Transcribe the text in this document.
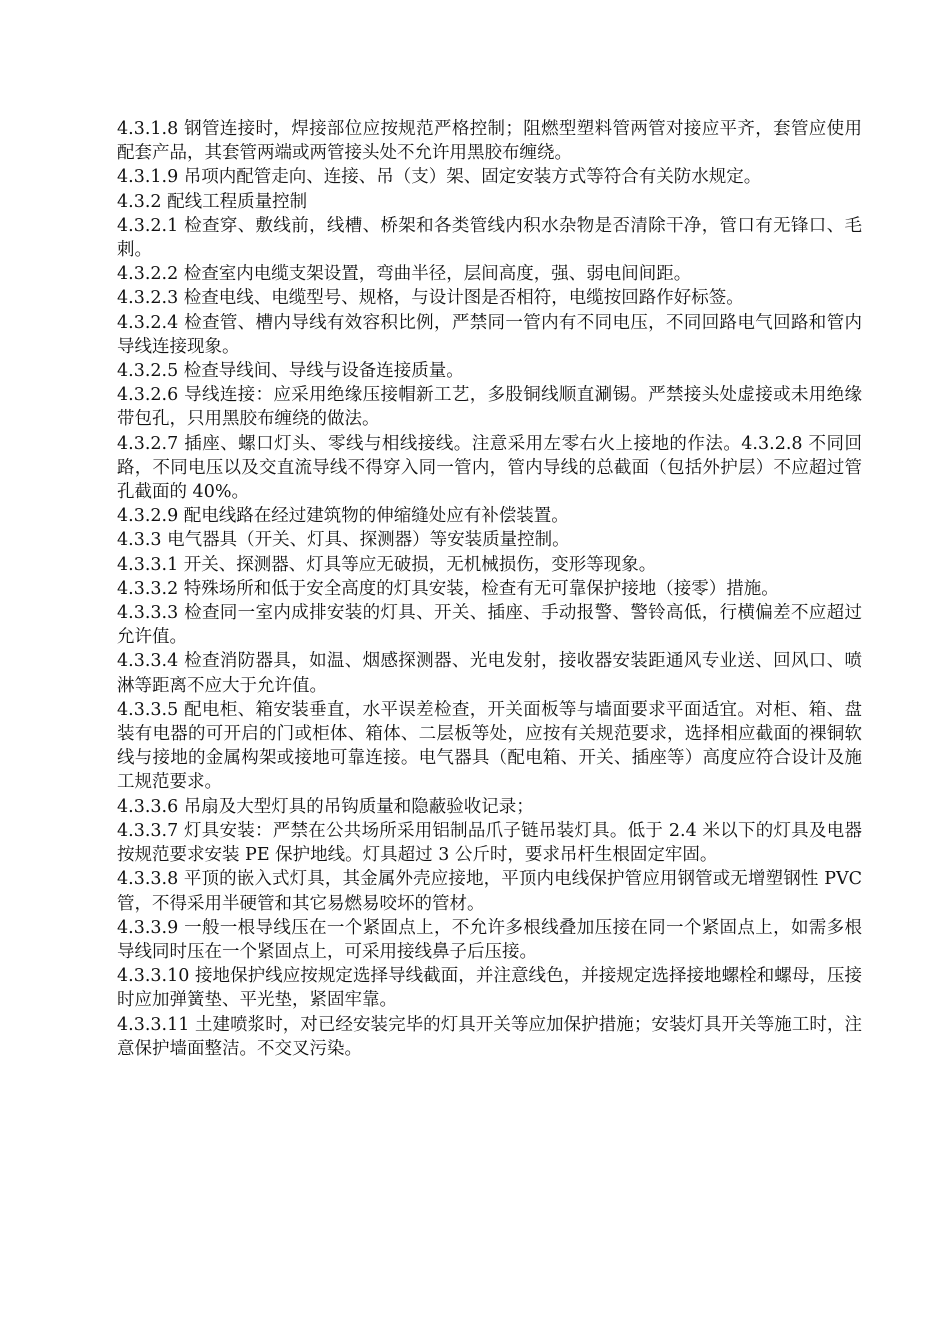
4.3.1.8 钢管连接时，焊接部位应按规范严格控制；阻燃型塑料管两管对接应平齐，套管应使用配套产品，其套管两端或两管接头处不允许用黑胶布缠绕。

4.3.1.9 吊项内配管走向、连接、吊（支）架、固定安装方式等符合有关防水规定。

4.3.2 配线工程质量控制

4.3.2.1 检查穿、敷线前，线槽、桥架和各类管线内积水杂物是否清除干净，管口有无锋口、毛刺。

4.3.2.2 检查室内电缆支架设置，弯曲半径，层间高度，强、弱电间间距。

4.3.2.3 检查电线、电缆型号、规格，与设计图是否相符，电缆按回路作好标签。

4.3.2.4 检查管、槽内导线有效容积比例，严禁同一管内有不同电压，不同回路电气回路和管内导线连接现象。

4.3.2.5 检查导线间、导线与设备连接质量。

4.3.2.6 导线连接：应采用绝缘压接帽新工艺，多股铜线顺直涮锡。严禁接头处虚接或未用绝缘带包孔，只用黑胶布缠绕的做法。

4.3.2.7 插座、螺口灯头、零线与相线接线。注意采用左零右火上接地的作法。4.3.2.8 不同回路，不同电压以及交直流导线不得穿入同一管内，管内导线的总截面（包括外护层）不应超过管孔截面的 40%。

4.3.2.9 配电线路在经过建筑物的伸缩缝处应有补偿装置。

4.3.3 电气器具（开关、灯具、探测器）等安装质量控制。

4.3.3.1 开关、探测器、灯具等应无破损，无机械损伤，变形等现象。

4.3.3.2 特殊场所和低于安全高度的灯具安装，检查有无可靠保护接地（接零）措施。

4.3.3.3 检查同一室内成排安装的灯具、开关、插座、手动报警、警铃高低，行横偏差不应超过允许值。

4.3.3.4 检查消防器具，如温、烟感探测器、光电发射，接收器安装距通风专业送、回风口、喷淋等距离不应大于允许值。

4.3.3.5 配电柜、箱安装垂直，水平误差检查，开关面板等与墙面要求平面适宜。对柜、箱、盘装有电器的可开启的门或柜体、箱体、二层板等处，应按有关规范要求，选择相应截面的裸铜软线与接地的金属构架或接地可靠连接。电气器具（配电箱、开关、插座等）高度应符合设计及施工规范要求。

4.3.3.6 吊扇及大型灯具的吊钩质量和隐蔽验收记录；

4.3.3.7 灯具安装：严禁在公共场所采用铝制品爪子链吊装灯具。低于 2.4 米以下的灯具及电器按规范要求安装 PE 保护地线。灯具超过 3 公斤时，要求吊杆生根固定牢固。

4.3.3.8 平顶的嵌入式灯具，其金属外壳应接地，平顶内电线保护管应用钢管或无增塑钢性 PVC 管，不得采用半硬管和其它易燃易咬坏的管材。

4.3.3.9 一般一根导线压在一个紧固点上，不允许多根线叠加压接在同一个紧固点上，如需多根导线同时压在一个紧固点上，可采用接线鼻子后压接。

4.3.3.10 接地保护线应按规定选择导线截面，并注意线色，并接规定选择接地螺栓和螺母，压接时应加弹簧垫、平光垫，紧固牢靠。

4.3.3.11 土建喷浆时，对已经安装完毕的灯具开关等应加保护措施；安装灯具开关等施工时，注意保护墙面整洁。不交叉污染。
